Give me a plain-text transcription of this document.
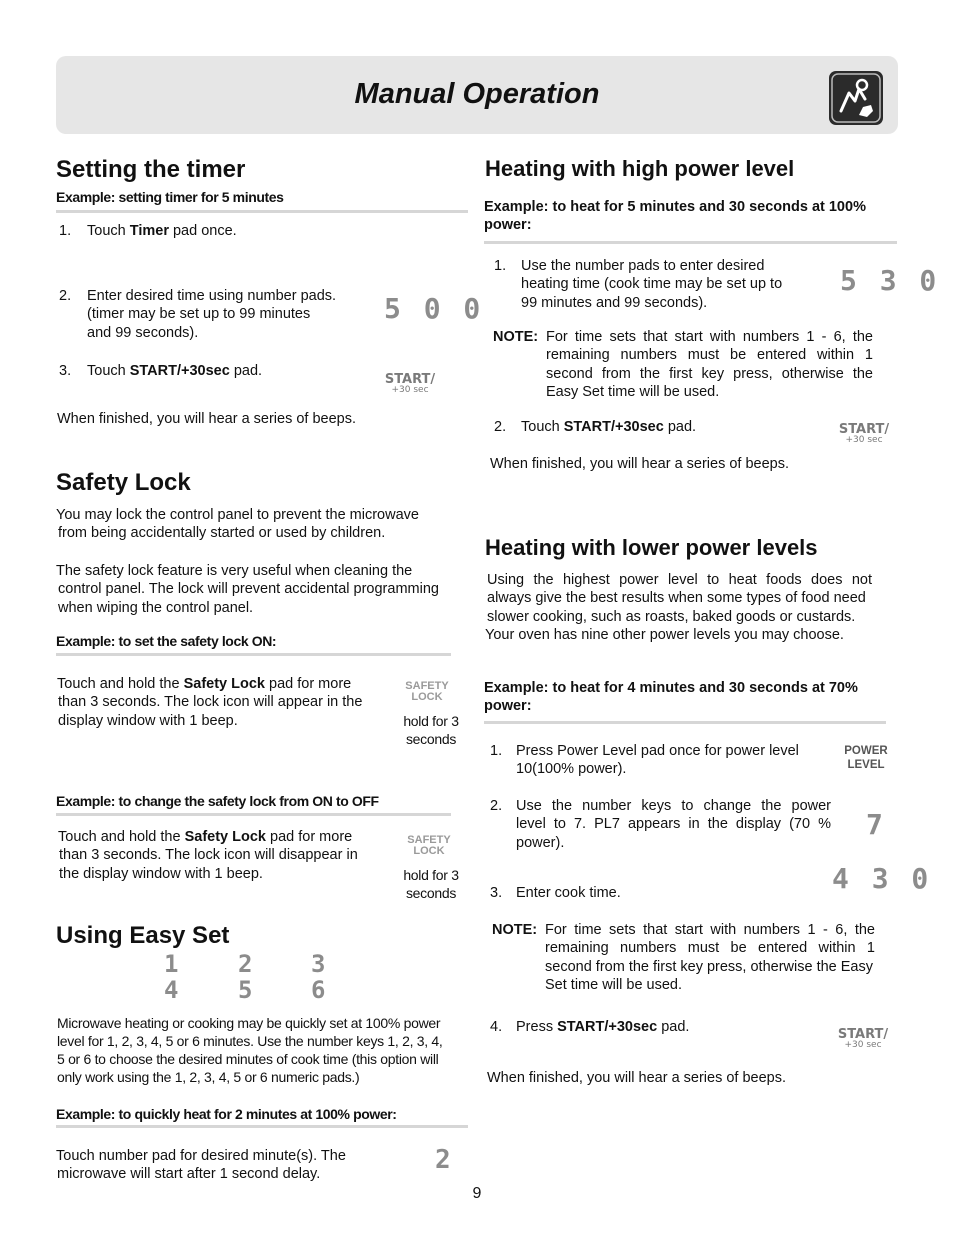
Manual Operation
Setting the timer
Example: setting timer for 5 minutes
1. Touch Timer pad once.
2. Enter desired time using number pads.
(timer may be set up to 99 minutes
and 99 seconds).
5 0 0
3. Touch START/+30sec pad.
START/
+30 sec
When finished, you will hear a series of beeps.
Safety Lock
You may lock the control panel to prevent the microwave
from being accidentally started or used by children.
The safety lock feature is very useful when cleaning the
control panel. The lock will prevent accidental programming
when wiping the control panel.
Example: to set the safety lock ON:
Touch and hold the Safety Lock pad for more
than 3 seconds. The lock icon will appear in the
display window with 1 beep.
SAFETY
LOCK
hold for 3
seconds
Example: to change the safety lock from ON to OFF
Touch and hold the Safety Lock pad for more
than 3 seconds. The lock icon will disappear in
the display window with 1 beep.
SAFETY
LOCK
hold for 3
seconds
Using Easy Set
1 2 3
4 5 6
Microwave heating or cooking may be quickly set at 100% power
level for 1, 2, 3, 4, 5 or 6 minutes. Use the number keys 1, 2, 3, 4,
5 or 6 to choose the desired minutes of cook time (this option will
only work using the 1, 2, 3, 4, 5 or 6 numeric pads.)
Example: to quickly heat for 2 minutes at 100% power:
Touch number pad for desired minute(s). The
microwave will start after 1 second delay.	2
Heating with high power level
Example: to heat for 5 minutes and 30 seconds at 100%
power:
1. Use the number pads to enter desired
heating time (cook time may be set up to
99 minutes and 99 seconds).
5 3 0
NOTE: For time sets that start with numbers 1 - 6, the
remaining numbers must be entered within 1
second from the first key press, otherwise the
Easy Set time will be used.
2. Touch START/+30sec pad.	START/
+30 sec
When finished, you will hear a series of beeps.
Heating with lower power levels
Using the highest power level to heat foods does not
always give the best results when some types of food need
slower cooking, such as roasts, baked goods or custards.
Your oven has nine other power levels you may choose.
Example: to heat for 4 minutes and 30 seconds at 70%
power:
1. Press Power Level pad once for power level
10(100% power).
POWER
LEVEL
2. Use the number keys to change the power
level to 7. PL7 appears in the display (70 %
power).
7
3. Enter cook time.	4 3 0
NOTE: For time sets that start with numbers 1 - 6, the
remaining numbers must be entered within 1
second from the first key press, otherwise the Easy
Set time will be used.
4. Press START/+30sec pad.	START/
+30 sec
When finished, you will hear a series of beeps.
9
